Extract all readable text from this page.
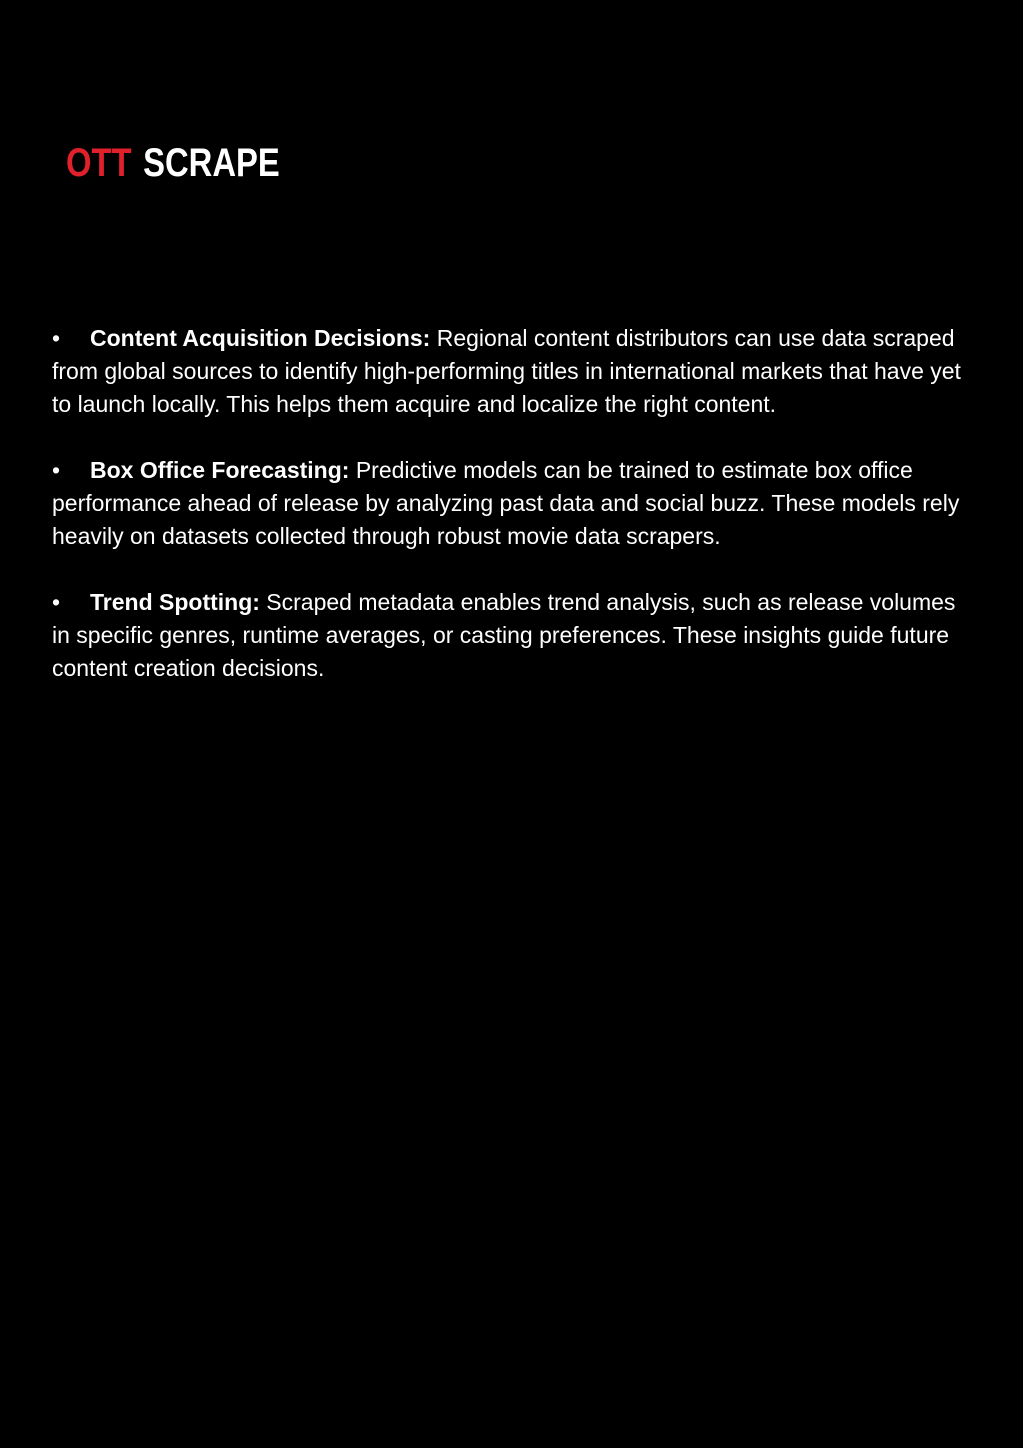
OTT SCRAPE

• Content Acquisition Decisions: Regional content distributors can use data scraped from global sources to identify high-performing titles in international markets that have yet to launch locally. This helps them acquire and localize the right content.

• Box Office Forecasting: Predictive models can be trained to estimate box office performance ahead of release by analyzing past data and social buzz. These models rely heavily on datasets collected through robust movie data scrapers.

• Trend Spotting: Scraped metadata enables trend analysis, such as release volumes in specific genres, runtime averages, or casting preferences. These insights guide future content creation decisions.
